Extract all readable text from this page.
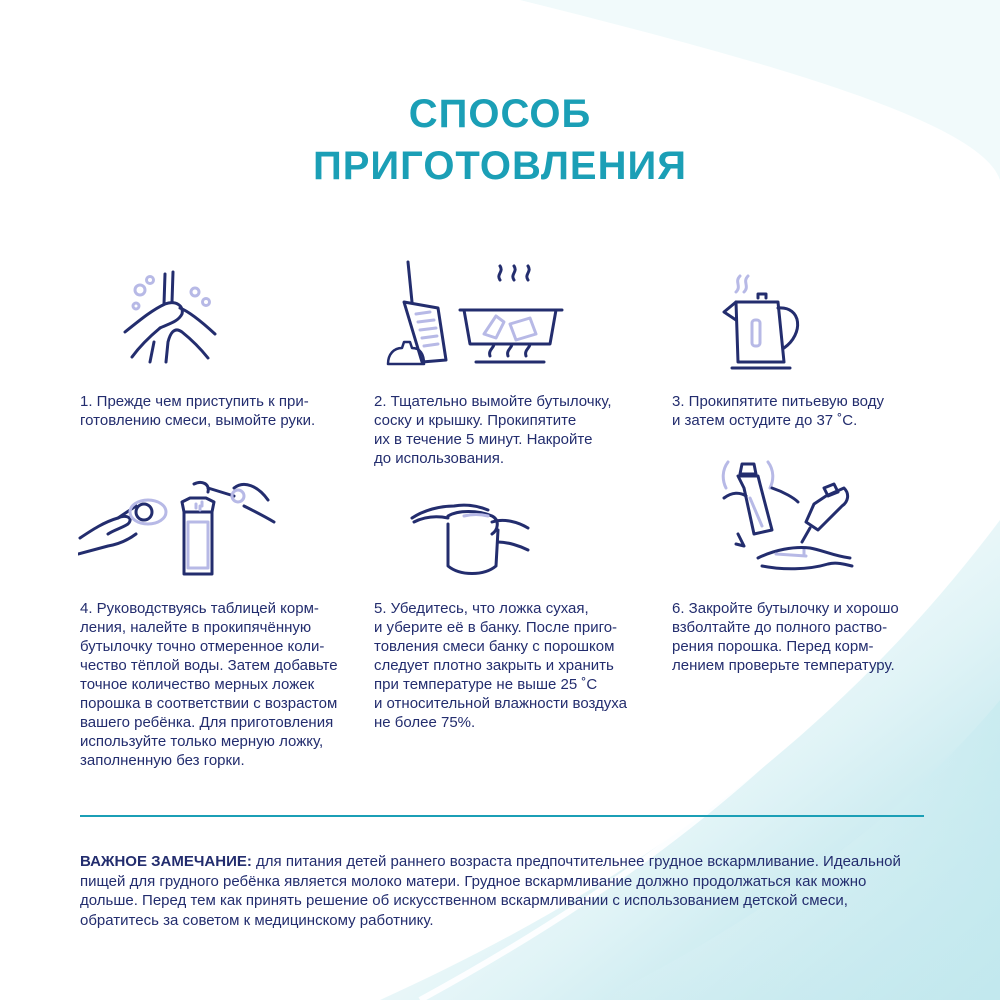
СПОСОБ
ПРИГОТОВЛЕНИЯ
1. Прежде чем приступить к при-
готовлению смеси, вымойте руки.
2. Тщательно вымойте бутылочку,
соску и крышку. Прокипятите
их в течение 5 минут. Накройте
до использования.
3. Прокипятите питьевую воду
и затем остудите до 37 ˚С.
4. Руководствуясь таблицей корм-
ления, налейте в прокипячённую
бутылочку точно отмеренное коли-
чество тёплой воды. Затем добавьте
точное количество мерных ложек
порошка в соответствии с возрастом
вашего ребёнка. Для приготовления
используйте только мерную ложку,
заполненную без горки.
5. Убедитесь, что ложка сухая,
и уберите её в банку. После приго-
товления смеси банку с порошком
следует плотно закрыть и хранить
при температуре не выше 25 ˚С
и относительной влажности воздуха
не более 75%.
6. Закройте бутылочку и хорошо
взболтайте до полного раство-
рения порошка. Перед корм-
лением проверьте температуру.
ВАЖНОЕ ЗАМЕЧАНИЕ: для питания детей раннего возраста предпочтительнее грудное вскармливание. Идеальной пищей для грудного ребёнка является молоко матери. Грудное вскармливание должно продолжаться как можно дольше. Перед тем как принять решение об искусственном вскармливании с использованием детской смеси, обратитесь за советом к медицинскому работнику.
